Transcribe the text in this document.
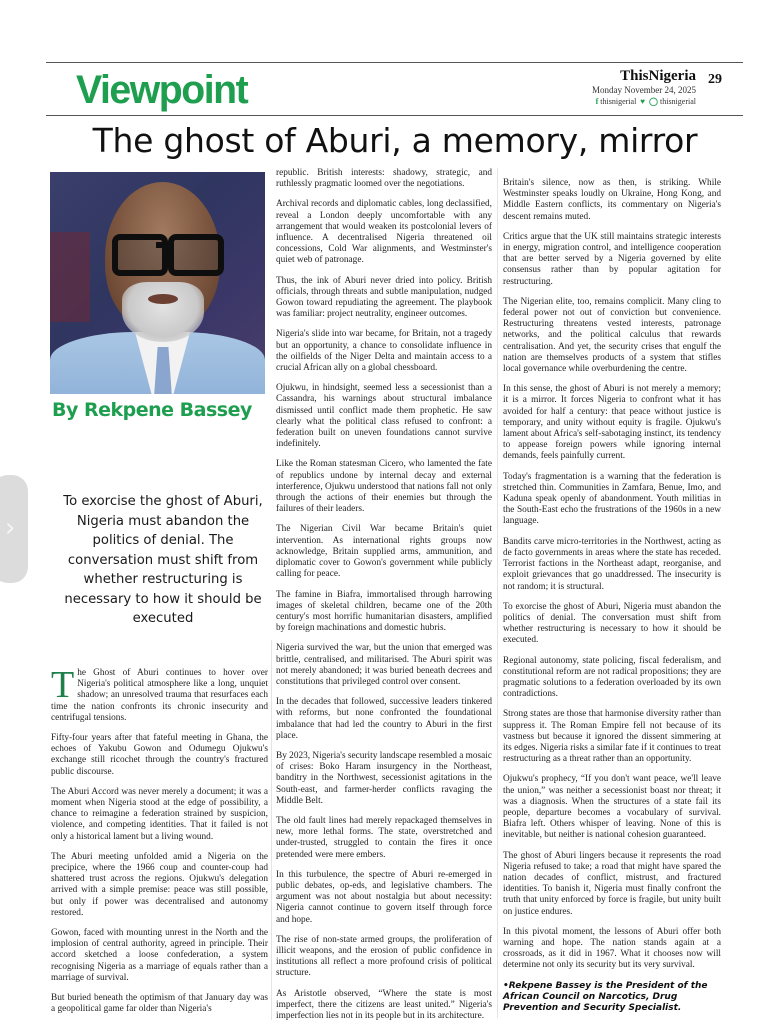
Viewpoint	ThisNigeria
Monday November 24, 2025
f thisnigerial ♥ ◯ thisnigerial
29
The ghost of Aburi, a memory, mirror
By Rekpene Bassey
›
To exorcise the ghost of Aburi, Nigeria must abandon the politics of denial. The conversation must shift from whether restructuring is necessary to how it should be executed

The Ghost of Aburi continues to hover over Nigeria's political atmosphere like a long, unquiet shadow; an unresolved trauma that resurfaces each time the nation confronts its chronic insecurity and centrifugal tensions.

Fifty-four years after that fateful meeting in Ghana, the echoes of Yakubu Gowon and Odumegu Ojukwu's exchange still ricochet through the country's fractured public discourse.

The Aburi Accord was never merely a document; it was a moment when Nigeria stood at the edge of possibility, a chance to reimagine a federation strained by suspicion, violence, and competing identities. That it failed is not only a historical lament but a living wound.

The Aburi meeting unfolded amid a Nigeria on the precipice, where the 1966 coup and counter-coup had shattered trust across the regions. Ojukwu's delegation arrived with a simple premise: peace was still possible, but only if power was decentralised and autonomy restored.

Gowon, faced with mounting unrest in the North and the implosion of central authority, agreed in principle. Their accord sketched a loose confederation, a system recognising Nigeria as a marriage of equals rather than a marriage of survival.

But buried beneath the optimism of that January day was a geopolitical game far older than Nigeria's

republic. British interests: shadowy, strategic, and ruthlessly pragmatic loomed over the negotiations.

Archival records and diplomatic cables, long declassified, reveal a London deeply uncomfortable with any arrangement that would weaken its postcolonial levers of influence. A decentralised Nigeria threatened oil concessions, Cold War alignments, and Westminster's quiet web of patronage.

Thus, the ink of Aburi never dried into policy. British officials, through threats and subtle manipulation, nudged Gowon toward repudiating the agreement. The playbook was familiar: project neutrality, engineer outcomes.

Nigeria's slide into war became, for Britain, not a tragedy but an opportunity, a chance to consolidate influence in the oilfields of the Niger Delta and maintain access to a crucial African ally on a global chessboard.

Ojukwu, in hindsight, seemed less a secessionist than a Cassandra, his warnings about structural imbalance dismissed until conflict made them prophetic. He saw clearly what the political class refused to confront: a federation built on uneven foundations cannot survive indefinitely.

Like the Roman statesman Cicero, who lamented the fate of republics undone by internal decay and external interference, Ojukwu understood that nations fall not only through the actions of their enemies but through the failures of their leaders.

The Nigerian Civil War became Britain's quiet intervention. As international rights groups now acknowledge, Britain supplied arms, ammunition, and diplomatic cover to Gowon's government while publicly calling for peace.

The famine in Biafra, immortalised through harrowing images of skeletal children, became one of the 20th century's most horrific humanitarian disasters, amplified by foreign machinations and domestic hubris.

Nigeria survived the war, but the union that emerged was brittle, centralised, and militarised. The Aburi spirit was not merely abandoned; it was buried beneath decrees and constitutions that privileged control over consent.

In the decades that followed, successive leaders tinkered with reforms, but none confronted the foundational imbalance that had led the country to Aburi in the first place.

By 2023, Nigeria's security landscape resembled a mosaic of crises: Boko Haram insurgency in the Northeast, banditry in the Northwest, secessionist agitations in the South-east, and farmer-herder conflicts ravaging the Middle Belt.

The old fault lines had merely repackaged themselves in new, more lethal forms. The state, overstretched and under-trusted, struggled to contain the fires it once pretended were mere embers.

In this turbulence, the spectre of Aburi re-emerged in public debates, op-eds, and legislative chambers. The argument was not about nostalgia but about necessity: Nigeria cannot continue to govern itself through force and hope.

The rise of non-state armed groups, the proliferation of illicit weapons, and the erosion of public confidence in institutions all reflect a more profound crisis of political structure.

As Aristotle observed, “Where the state is most imperfect, there the citizens are least united.” Nigeria's imperfection lies not in its people but in its architecture.

Britain's silence, now as then, is striking. While Westminster speaks loudly on Ukraine, Hong Kong, and Middle Eastern conflicts, its commentary on Nigeria's descent remains muted.

Critics argue that the UK still maintains strategic interests in energy, migration control, and intelligence cooperation that are better served by a Nigeria governed by elite consensus rather than by popular agitation for restructuring.

The Nigerian elite, too, remains complicit. Many cling to federal power not out of conviction but convenience. Restructuring threatens vested interests, patronage networks, and the political calculus that rewards centralisation. And yet, the security crises that engulf the nation are themselves products of a system that stifles local governance while overburdening the centre.

In this sense, the ghost of Aburi is not merely a memory; it is a mirror. It forces Nigeria to confront what it has avoided for half a century: that peace without justice is temporary, and unity without equity is fragile. Ojukwu's lament about Africa's self-sabotaging instinct, its tendency to appease foreign powers while ignoring internal demands, feels painfully current.

Today's fragmentation is a warning that the federation is stretched thin. Communities in Zamfara, Benue, Imo, and Kaduna speak openly of abandonment. Youth militias in the South-East echo the frustrations of the 1960s in a new language.

Bandits carve micro-territories in the Northwest, acting as de facto governments in areas where the state has receded. Terrorist factions in the Northeast adapt, reorganise, and exploit grievances that go unaddressed. The insecurity is not random; it is structural.

To exorcise the ghost of Aburi, Nigeria must abandon the politics of denial. The conversation must shift from whether restructuring is necessary to how it should be executed.

Regional autonomy, state policing, fiscal federalism, and constitutional reform are not radical propositions; they are pragmatic solutions to a federation overloaded by its own contradictions.

Strong states are those that harmonise diversity rather than suppress it. The Roman Empire fell not because of its vastness but because it ignored the dissent simmering at its edges. Nigeria risks a similar fate if it continues to treat restructuring as a threat rather than an opportunity.

Ojukwu's prophecy, “If you don't want peace, we'll leave the union,” was neither a secessionist boast nor threat; it was a diagnosis. When the structures of a state fail its people, departure becomes a vocabulary of survival. Biafra left. Others whisper of leaving. None of this is inevitable, but neither is national cohesion guaranteed.

The ghost of Aburi lingers because it represents the road Nigeria refused to take; a road that might have spared the nation decades of conflict, mistrust, and fractured identities. To banish it, Nigeria must finally confront the truth that unity enforced by force is fragile, but unity built on justice endures.

In this pivotal moment, the lessons of Aburi offer both warning and hope. The nation stands again at a crossroads, as it did in 1967. What it chooses now will determine not only its security but its very survival.

•Rekpene Bassey is the President of the African Council on Narcotics, Drug Prevention and Security Specialist.
